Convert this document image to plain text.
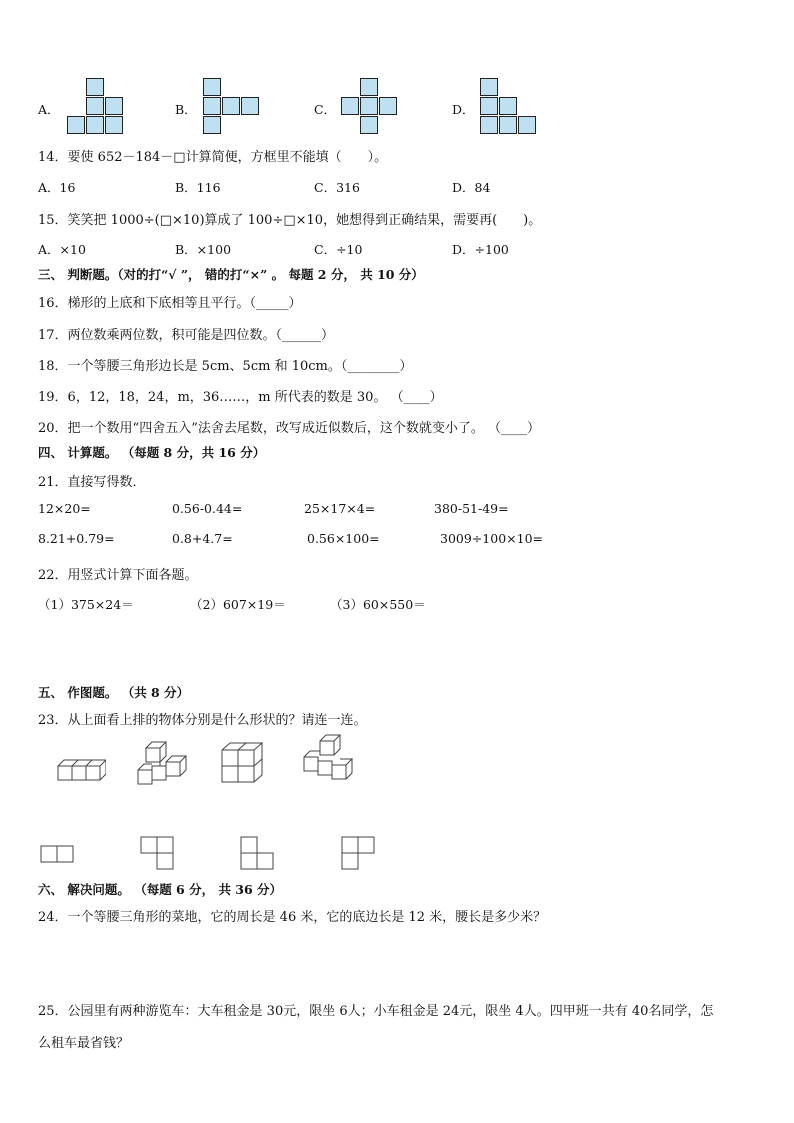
A．	B．	C．	D．
14．要使 652－184－□计算简便，方框里不能填（　　）。
A．16	B．116	C．316	D．84
15．笑笑把 1000÷(□×10)算成了 100÷□×10，她想得到正确结果，需要再(　　)。
A．×10	B．×100	C．÷10	D．÷100
三、 判断题。（对的打“√ ”， 错的打“×” 。 每题 2 分， 共 10 分）
16．梯形的上底和下底相等且平行。（_____）
17．两位数乘两位数，积可能是四位数。（______）
18．一个等腰三角形边长是 5cm、5cm 和 10cm。（________）
19．6，12，18，24，m，36……，m 所代表的数是 30。 （____）
20．把一个数用“四舍五入”法舍去尾数，改写成近似数后，这个数就变小了。 （____）
四、 计算题。 （每题 8 分，共 16 分）
21．直接写得数．
12×20=	0.56-0.44=	25×17×4=	380-51-49=
8.21+0.79=	0.8+4.7=	0.56×100=	3009÷100×10=
22．用竖式计算下面各题。
（1）375×24＝	（2）607×19＝	（3）60×550＝
五、 作图题。 （共 8 分）
23．从上面看上排的物体分别是什么形状的？请连一连。
六、 解决问题。 （每题 6 分， 共 36 分）
24．一个等腰三角形的菜地，它的周长是 46 米，它的底边长是 12 米，腰长是多少米？
25．公园里有两种游览车：大车租金是 30元，限坐 6人；小车租金是 24元，限坐 4人。四甲班一共有 40名同学，怎
么租车最省钱？
